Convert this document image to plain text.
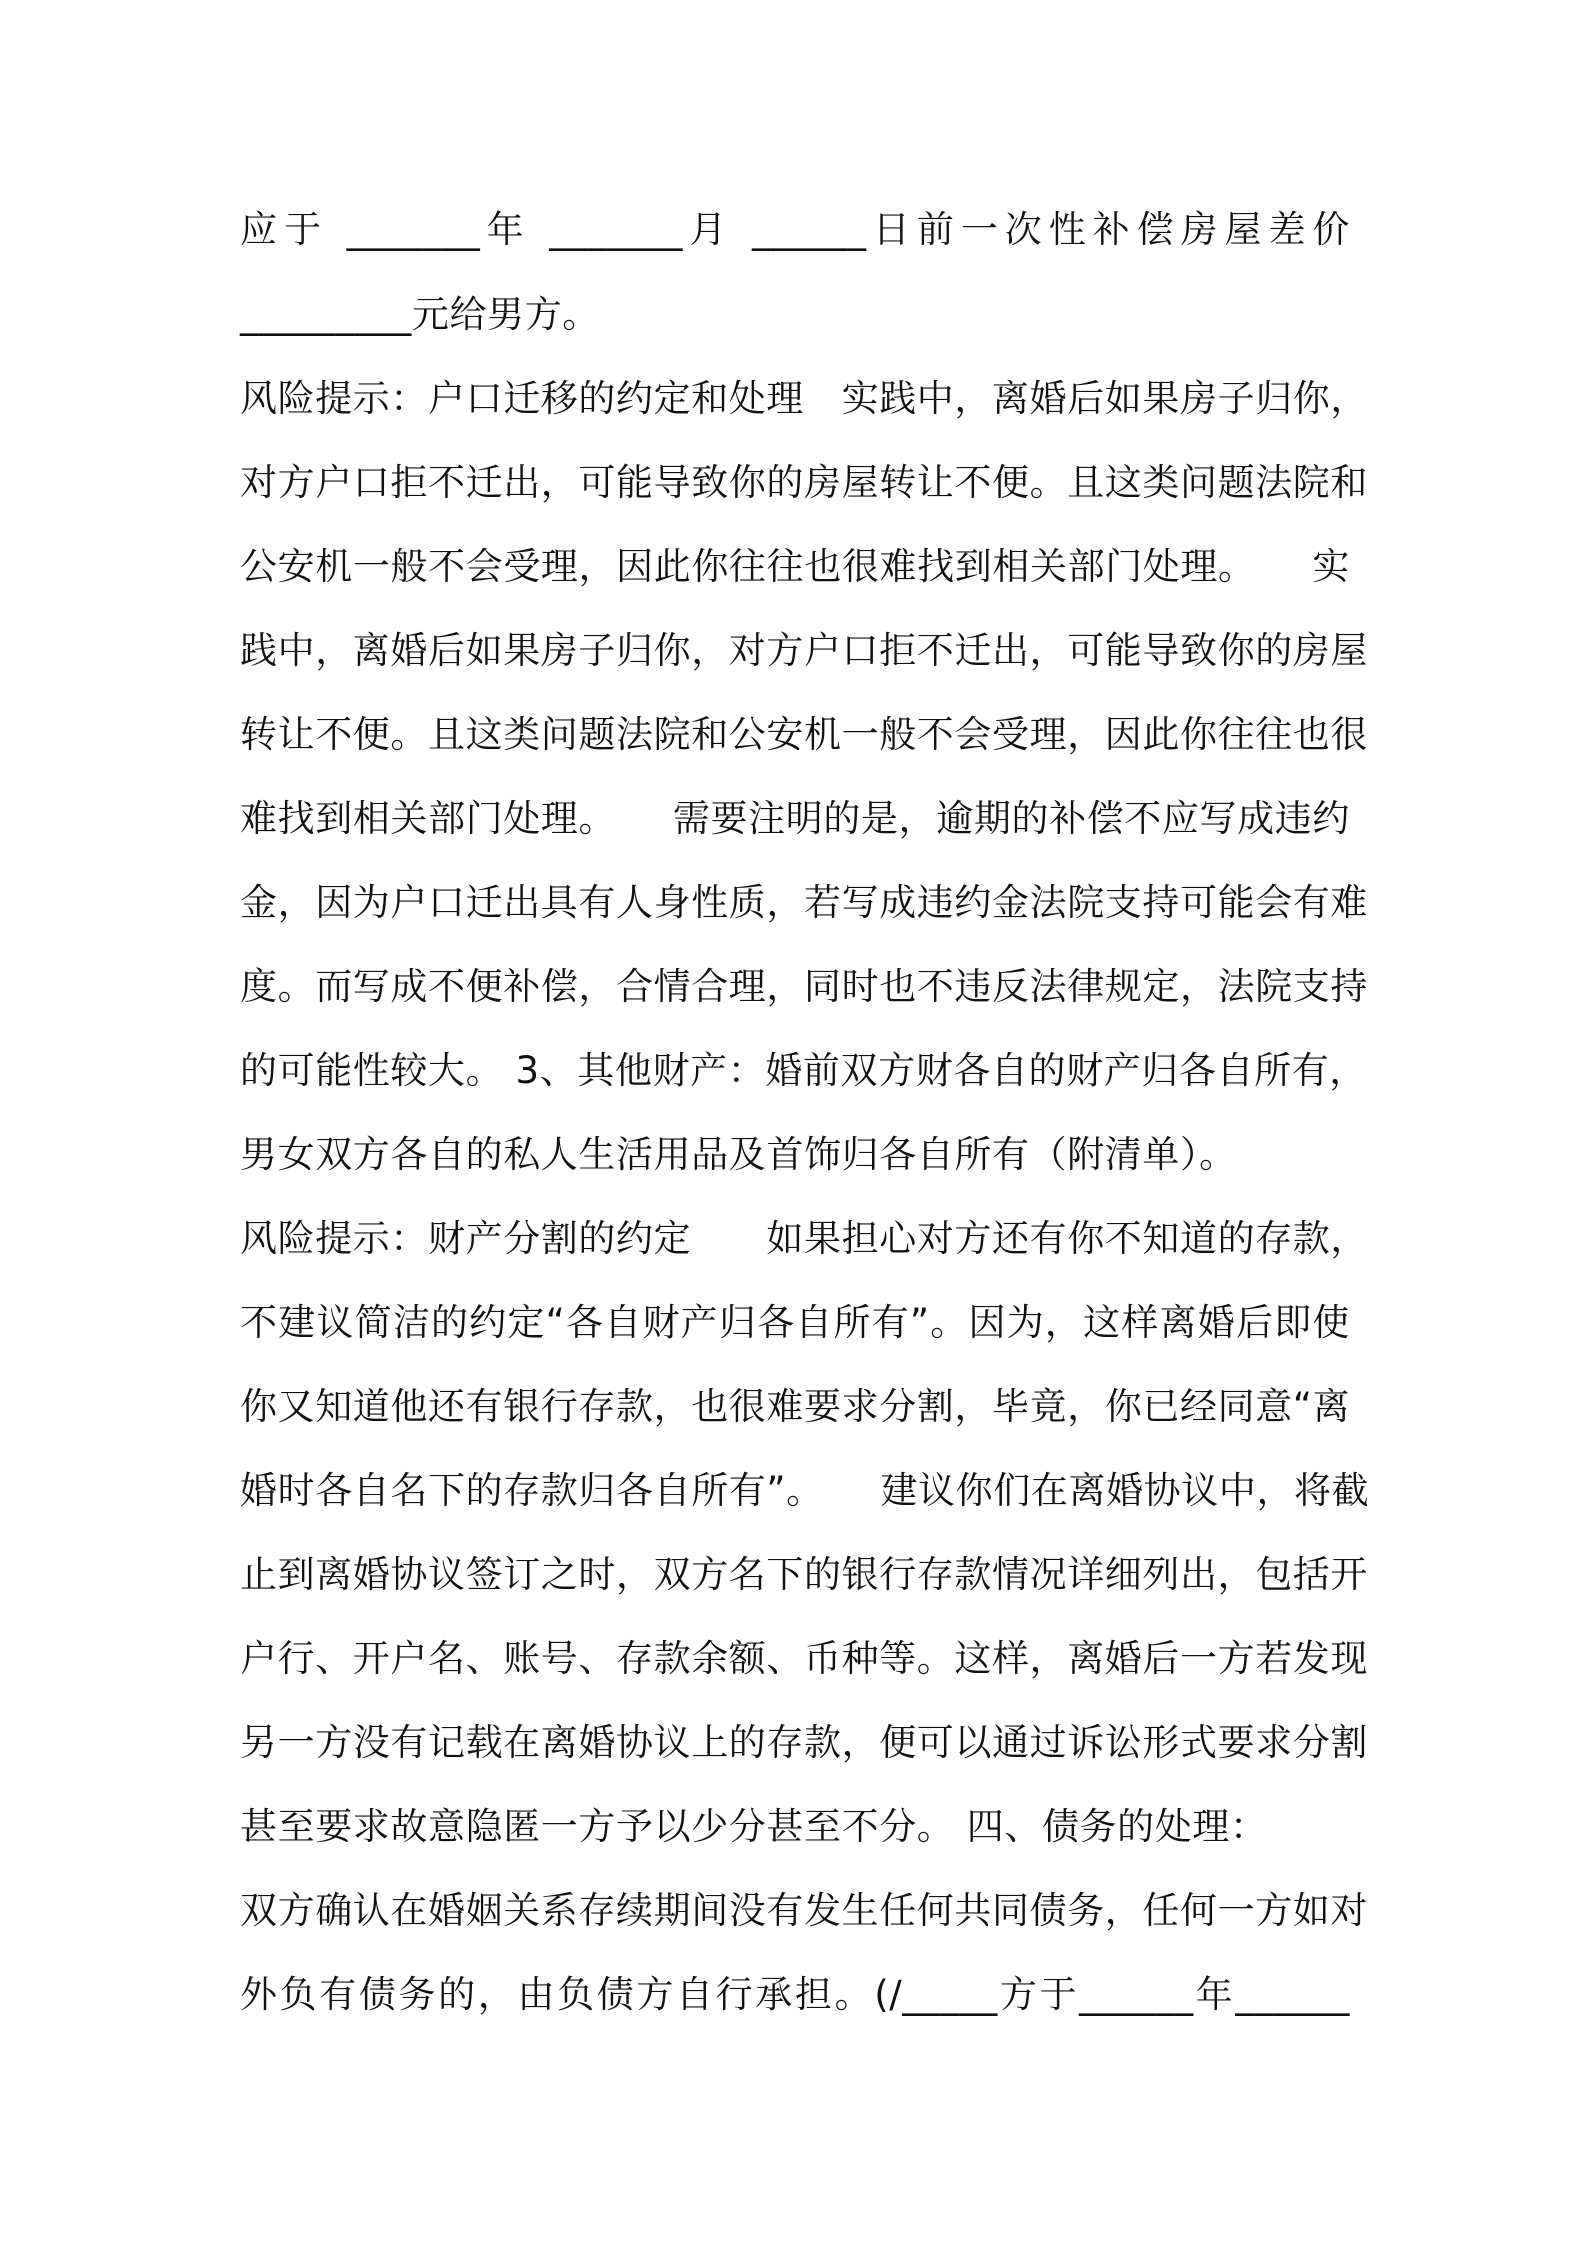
应于 _______年 _______月 ______日前一次性补偿房屋差价
_________元给男方。
风险提示：户口迁移的约定和处理　实践中，离婚后如果房子归你，
对方户口拒不迁出，可能导致你的房屋转让不便。且这类问题法院和
公安机一般不会受理，因此你往往也很难找到相关部门处理。　　实
践中，离婚后如果房子归你，对方户口拒不迁出，可能导致你的房屋
转让不便。且这类问题法院和公安机一般不会受理，因此你往往也很
难找到相关部门处理。　　需要注明的是，逾期的补偿不应写成违约
金，因为户口迁出具有人身性质，若写成违约金法院支持可能会有难
度。而写成不便补偿，合情合理，同时也不违反法律规定，法院支持
的可能性较大。 3、其他财产：婚前双方财各自的财产归各自所有，
男女双方各自的私人生活用品及首饰归各自所有（附清单）。
风险提示：财产分割的约定　　如果担心对方还有你不知道的存款，
不建议简洁的约定“各自财产归各自所有”。因为，这样离婚后即使
你又知道他还有银行存款，也很难要求分割，毕竟，你已经同意“离
婚时各自名下的存款归各自所有”。　　建议你们在离婚协议中，将截
止到离婚协议签订之时，双方名下的银行存款情况详细列出，包括开
户行、开户名、账号、存款余额、币种等。这样，离婚后一方若发现
另一方没有记载在离婚协议上的存款，便可以通过诉讼形式要求分割
甚至要求故意隐匿一方予以少分甚至不分。 四、债务的处理：
双方确认在婚姻关系存续期间没有发生任何共同债务，任何一方如对
外负有债务的，由负债方自行承担。(/_____方于______年______
